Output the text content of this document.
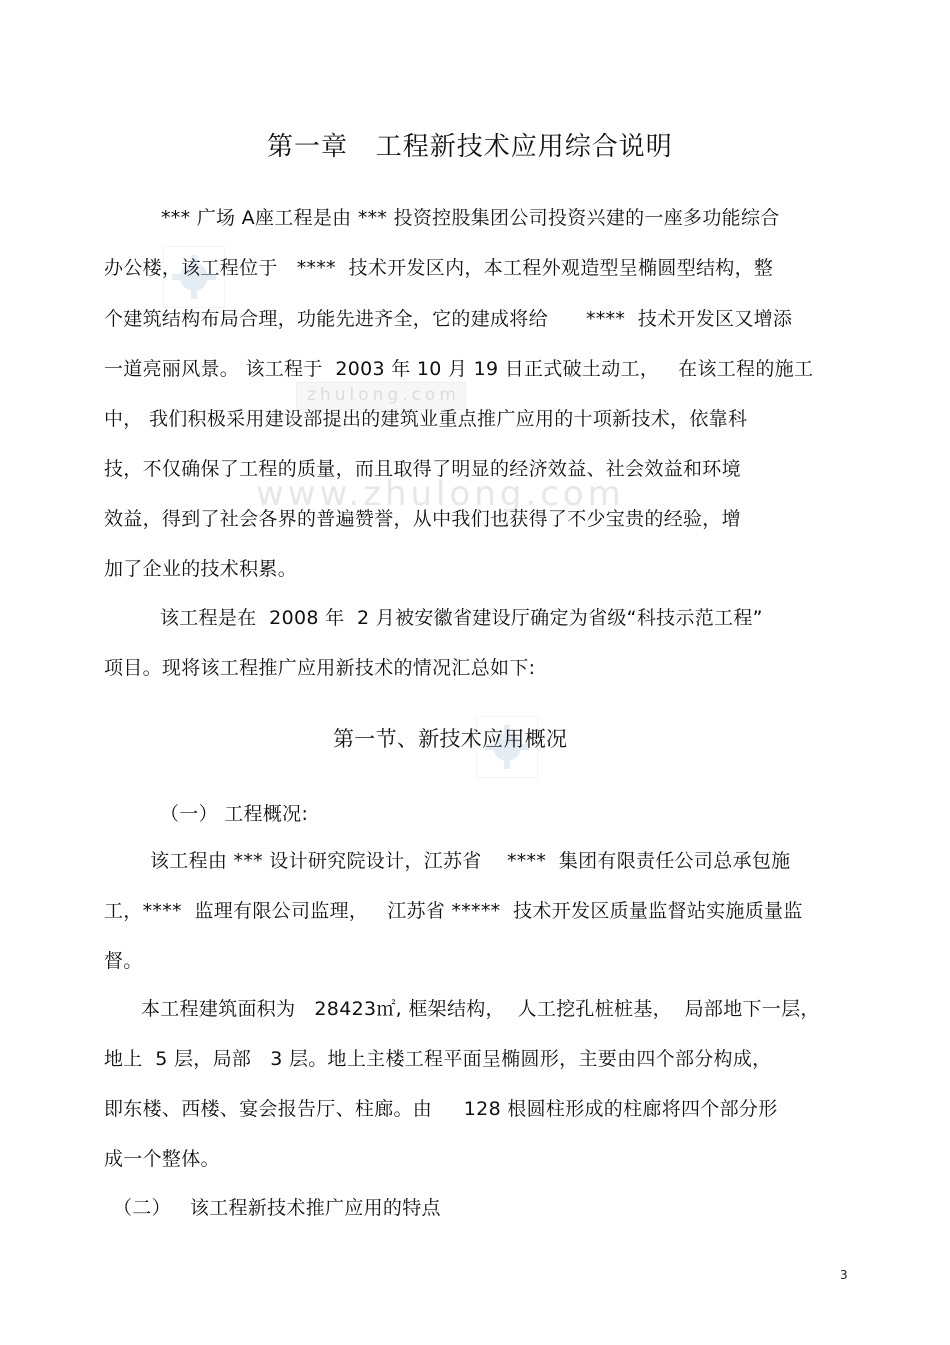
zhulong.com
www.zhulong.com
第一章   工程新技术应用综合说明
*** 广场 A座工程是由 *** 投资控股集团公司投资兴建的一座多功能综合
办公楼，该工程位于   ****  技术开发区内，本工程外观造型呈椭圆型结构，整
个建筑结构布局合理，功能先进齐全，它的建成将给      ****  技术开发区又增添
一道亮丽风景。 该工程于  2003 年 10 月 19 日正式破土动工，   在该工程的施工
中， 我们积极采用建设部提出的建筑业重点推广应用的十项新技术，依靠科
技，不仅确保了工程的质量，而且取得了明显的经济效益、社会效益和环境
效益，得到了社会各界的普遍赞誉，从中我们也获得了不少宝贵的经验，增
加了企业的技术积累。
该工程是在  2008 年  2 月被安徽省建设厅确定为省级“科技示范工程”
项目。现将该工程推广应用新技术的情况汇总如下:
第一节、新技术应用概况
（一） 工程概况:
该工程由 *** 设计研究院设计，江苏省    ****  集团有限责任公司总承包施
工，****  监理有限公司监理，   江苏省 *****  技术开发区质量监督站实施质量监
督。
本工程建筑面积为   28423㎡, 框架结构，  人工挖孔桩桩基，  局部地下一层，
地上  5 层，局部   3 层。地上主楼工程平面呈椭圆形，主要由四个部分构成，
即东楼、西楼、宴会报告厅、柱廊。由     128 根圆柱形成的柱廊将四个部分形
成一个整体。
（二）   该工程新技术推广应用的特点
3
